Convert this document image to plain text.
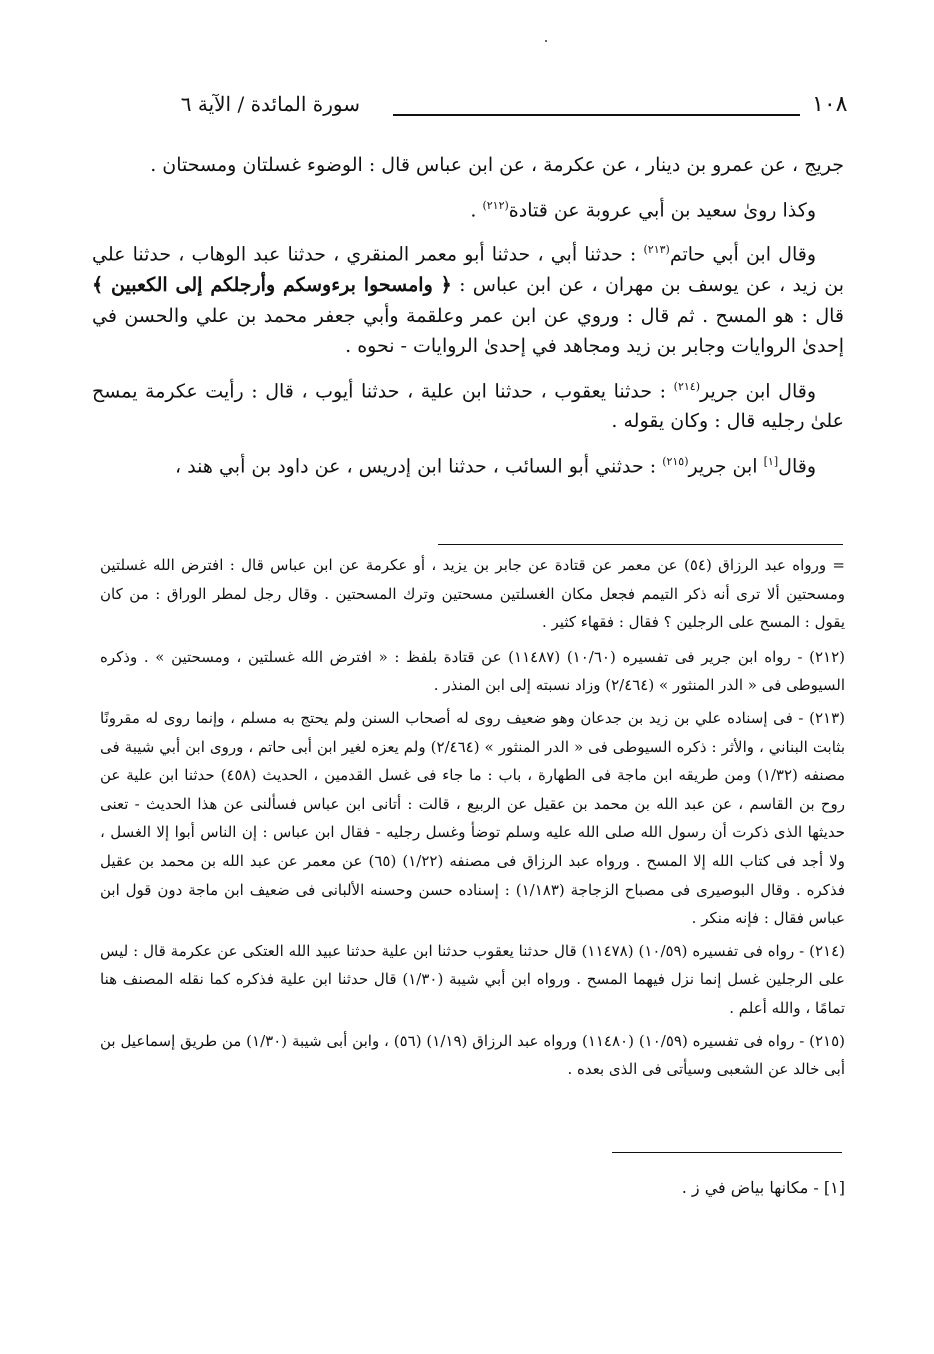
١٠٨
سورة المائدة / الآية ٦

جريج ، عن عمرو بن دينار ، عن عكرمة ، عن ابن عباس قال : الوضوء غسلتان ومسحتان .

وكذا روىٰ سعيد بن أبي عروبة عن قتادة$^{(٢١٢)}$ .

وقال ابن أبي حاتم$^{(٢١٣)}$ : حدثنا أبي ، حدثنا أبو معمر المنقري ، حدثنا عبد الوهاب ، حدثنا علي بن زيد ، عن يوسف بن مهران ، عن ابن عباس : ﴿ وامسحوا برءوسكم وأرجلكم إلى الكعبين ﴾ قال : هو المسح . ثم قال : وروي عن ابن عمر وعلقمة وأبي جعفر محمد بن علي والحسن في إحدىٰ الروايات وجابر بن زيد ومجاهد في إحدىٰ الروايات - نحوه .

وقال ابن جرير$^{(٢١٤)}$ : حدثنا يعقوب ، حدثنا ابن علية ، حدثنا أيوب ، قال : رأيت عكرمة يمسح علىٰ رجليه قال : وكان يقوله .

وقال[١] ابن جرير$^{(٢١٥)}$ : حدثني أبو السائب ، حدثنا ابن إدريس ، عن داود بن أبي هند ،

= ورواه عبد الرزاق (٥٤) عن معمر عن قتادة عن جابر بن يزيد ، أو عكرمة عن ابن عباس قال : افترض الله غسلتين ومسحتين ألا ترى أنه ذكر التيمم فجعل مكان الغسلتين مسحتين وترك المسحتين . وقال رجل لمطر الوراق : من كان يقول : المسح على الرجلين ؟ فقال : فقهاء كثير .

(٢١٢) - رواه ابن جرير فى تفسيره (١٠/٦٠) (١١٤٨٧) عن قتادة بلفظ : « افترض الله غسلتين ، ومسحتين » . وذكره السيوطى فى « الدر المنثور » (٢/٤٦٤) وزاد نسبته إلى ابن المنذر .

(٢١٣) - فى إسناده علي بن زيد بن جدعان وهو ضعيف روى له أصحاب السنن ولم يحتج به مسلم ، وإنما روى له مقرونًا بثابت البناني ، والأثر : ذكره السيوطى فى « الدر المنثور » (٢/٤٦٤) ولم يعزه لغير ابن أبى حاتم ، وروى ابن أبي شيبة فى مصنفه (١/٣٢) ومن طريقه ابن ماجة فى الطهارة ، باب : ما جاء فى غسل القدمين ، الحديث (٤٥٨) حدثنا ابن علية عن روح بن القاسم ، عن عبد الله بن محمد بن عقيل عن الربيع ، قالت : أتانى ابن عباس فسألنى عن هذا الحديث - تعنى حديثها الذى ذكرت أن رسول الله صلى الله عليه وسلم توضأ وغسل رجليه - فقال ابن عباس : إن الناس أبوا إلا الغسل ، ولا أجد فى كتاب الله إلا المسح . ورواه عبد الرزاق فى مصنفه (١/٢٢) (٦٥) عن معمر عن عبد الله بن محمد بن عقيل فذكره . وقال البوصيرى فى مصباح الزجاجة (١/١٨٣) : إسناده حسن وحسنه الألبانى فى ضعيف ابن ماجة دون قول ابن عباس فقال : فإنه منكر .

(٢١٤) - رواه فى تفسيره (١٠/٥٩) (١١٤٧٨) قال حدثنا يعقوب حدثنا ابن علية حدثنا عبيد الله العتكى عن عكرمة قال : ليس على الرجلين غسل إنما نزل فيهما المسح . ورواه ابن أبي شيبة (١/٣٠) قال حدثنا ابن علية فذكره كما نقله المصنف هنا تمامًا ، والله أعلم .

(٢١٥) - رواه فى تفسيره (١٠/٥٩) (١١٤٨٠) ورواه عبد الرزاق (١/١٩) (٥٦) ، وابن أبى شيبة (١/٣٠) من طريق إسماعيل بن أبى خالد عن الشعبى وسيأتى فى الذى بعده .

[١] - مكانها بياض في ز .
